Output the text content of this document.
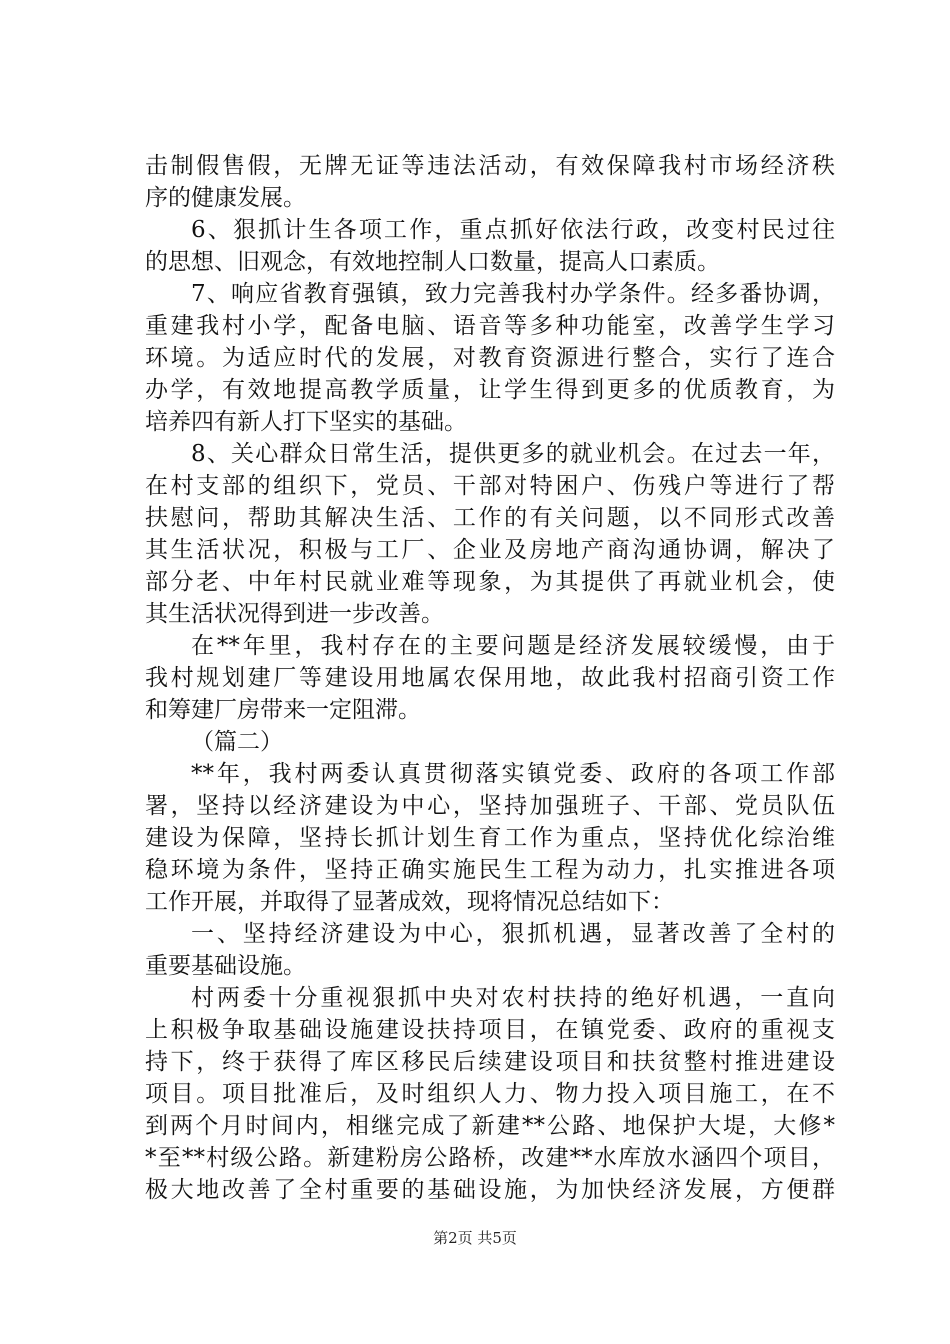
击制假售假，无牌无证等违法活动，有效保障我村市场经济秩
序的健康发展。
6、狠抓计生各项工作，重点抓好依法行政，改变村民过往
的思想、旧观念，有效地控制人口数量，提高人口素质。
7、响应省教育强镇，致力完善我村办学条件。经多番协调，
重建我村小学，配备电脑、语音等多种功能室，改善学生学习
环境。为适应时代的发展，对教育资源进行整合，实行了连合
办学，有效地提高教学质量，让学生得到更多的优质教育，为
培养四有新人打下坚实的基础。
8、关心群众日常生活，提供更多的就业机会。在过去一年，
在村支部的组织下，党员、干部对特困户、伤残户等进行了帮
扶慰问，帮助其解决生活、工作的有关问题，以不同形式改善
其生活状况，积极与工厂、企业及房地产商沟通协调，解决了
部分老、中年村民就业难等现象，为其提供了再就业机会，使
其生活状况得到进一步改善。
在**年里，我村存在的主要问题是经济发展较缓慢，由于
我村规划建厂等建设用地属农保用地，故此我村招商引资工作
和筹建厂房带来一定阻滞。
（篇二）
**年，我村两委认真贯彻落实镇党委、政府的各项工作部
署，坚持以经济建设为中心，坚持加强班子、干部、党员队伍
建设为保障，坚持长抓计划生育工作为重点，坚持优化综治维
稳环境为条件，坚持正确实施民生工程为动力，扎实推进各项
工作开展，并取得了显著成效，现将情况总结如下：
一、坚持经济建设为中心，狠抓机遇，显著改善了全村的
重要基础设施。
村两委十分重视狠抓中央对农村扶持的绝好机遇，一直向
上积极争取基础设施建设扶持项目，在镇党委、政府的重视支
持下，终于获得了库区移民后续建设项目和扶贫整村推进建设
项目。项目批准后，及时组织人力、物力投入项目施工，在不
到两个月时间内，相继完成了新建**公路、地保护大堤，大修*
*至**村级公路。新建粉房公路桥，改建**水库放水涵四个项目，
极大地改善了全村重要的基础设施，为加快经济发展，方便群
第2页 共5页
